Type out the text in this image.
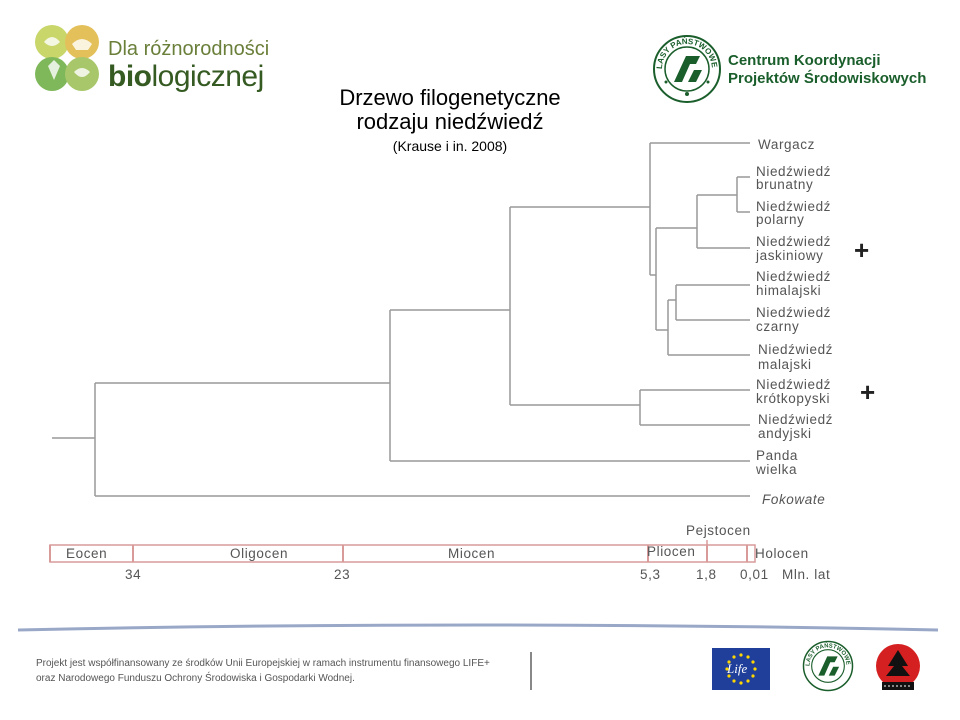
Dla różnorodności
biologicznej
Drzewo filogenetyczne
rodzaju niedźwiedź
(Krause i in. 2008)
LASY PAŃSTWOWE Centrum Koordynacji
Projektów Środowiskowych
Wargacz
Niedźwiedź
brunatny
Niedźwiedź
polarny
Niedźwiedź
jaskiniowy
Niedźwiedź
himalajski
Niedźwiedź
czarny
Niedźwiedź
malajski
Niedźwiedź
krótkopyski
Niedźwiedź
andyjski
Panda
wielka
Fokowate
+
+
Eocen	Oligocen	Miocen	Pliocen
Pejstocen
Holocen
34	23	5,3	1,8 0,01 Mln. lat
Projekt jest współfinansowany ze środków Unii Europejskiej w ramach instrumentu finansowego LIFE+
oraz Narodowego Funduszu Ochrony Środowiska i Gospodarki Wodnej.
Life	LASY PAŃSTWOWE
